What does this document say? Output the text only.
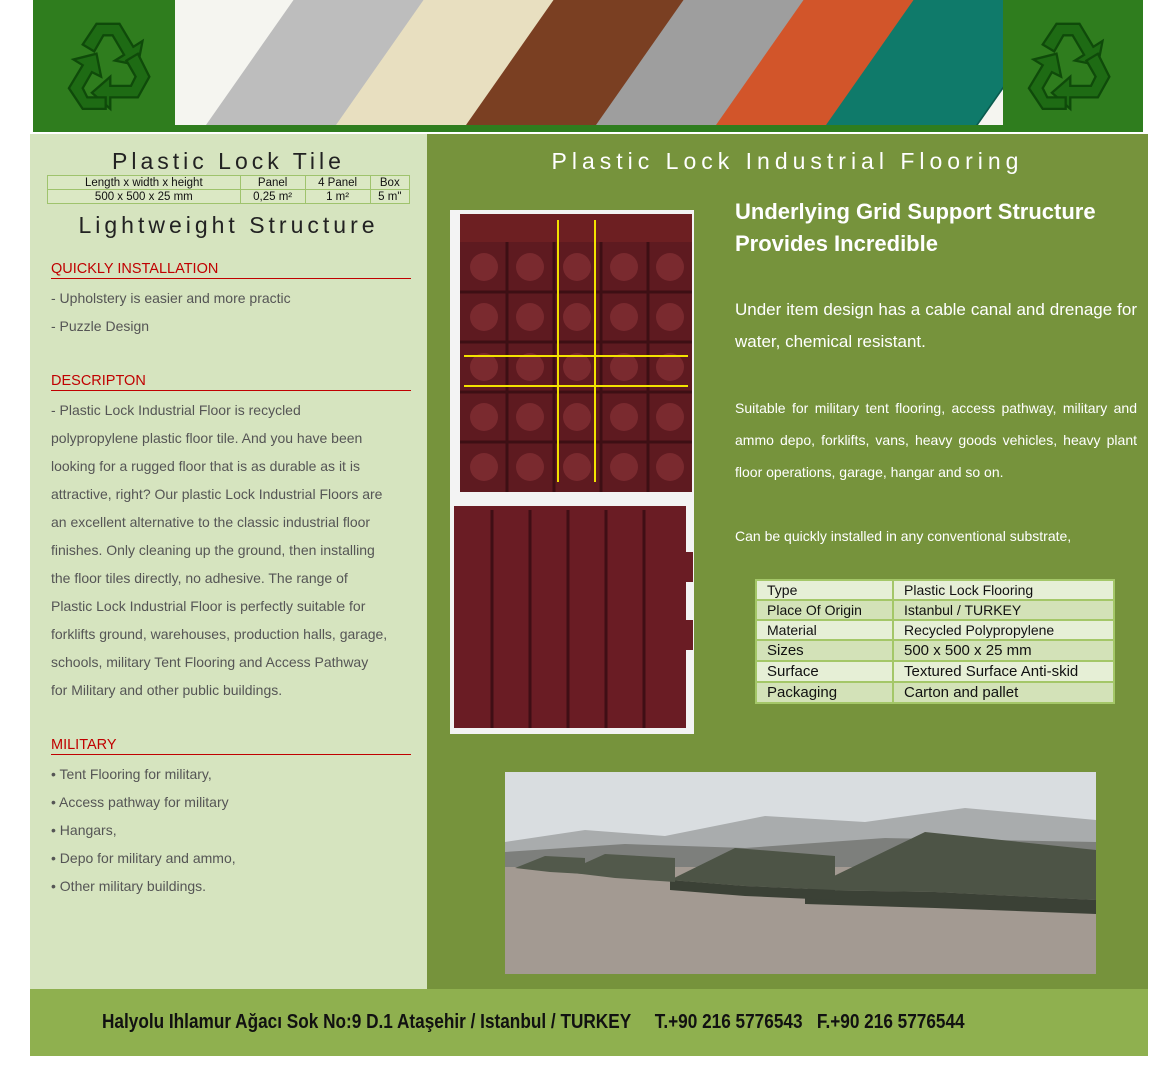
Plastic Lock Tile
Length x width x height	Panel	4 Panel	Box
500 x 500 x 25 mm	0,25 m²	1 m²	5 m"
Lightweight Structure
QUICKLY INSTALLATION
- Upholstery is easier and more practic
- Puzzle Design
DESCRIPTON
- Plastic Lock Industrial Floor is recycled
polypropylene plastic floor tile. And you have been
looking for a rugged floor that is as durable as it is
attractive, right? Our plastic Lock Industrial Floors are
an excellent alternative to the classic industrial floor
finishes. Only cleaning up the ground, then installing
the floor tiles directly, no adhesive. The range of
Plastic Lock Industrial Floor is perfectly suitable for
forklifts ground, warehouses, production halls, garage,
schools, military Tent Flooring and Access Pathway
for Military and other public buildings.
MILITARY
• Tent Flooring for military,
• Access pathway for military
• Hangars,
• Depo for military and ammo,
• Other military buildings.
Plastic Lock Industrial Flooring
Underlying Grid Support Structure Provides Incredible
Under item design has a cable canal and drenage for water, chemical resistant.
Suitable for military tent flooring, access pathway, military and ammo depo, forklifts, vans, heavy goods vehicles, heavy plant floor operations, garage, hangar and so on.
Can be quickly installed in any conventional substrate,
Type	Plastic Lock Flooring
Place Of Origin	Istanbul / TURKEY
Material	Recycled Polypropylene
Sizes	500 x 500 x 25 mm
Surface	Textured Surface Anti-skid
Packaging	Carton and pallet
Halyolu Ihlamur Ağacı Sok No:9 D.1 Ataşehir / Istanbul / TURKEY     T.+90 216 5776543   F.+90 216 5776544
